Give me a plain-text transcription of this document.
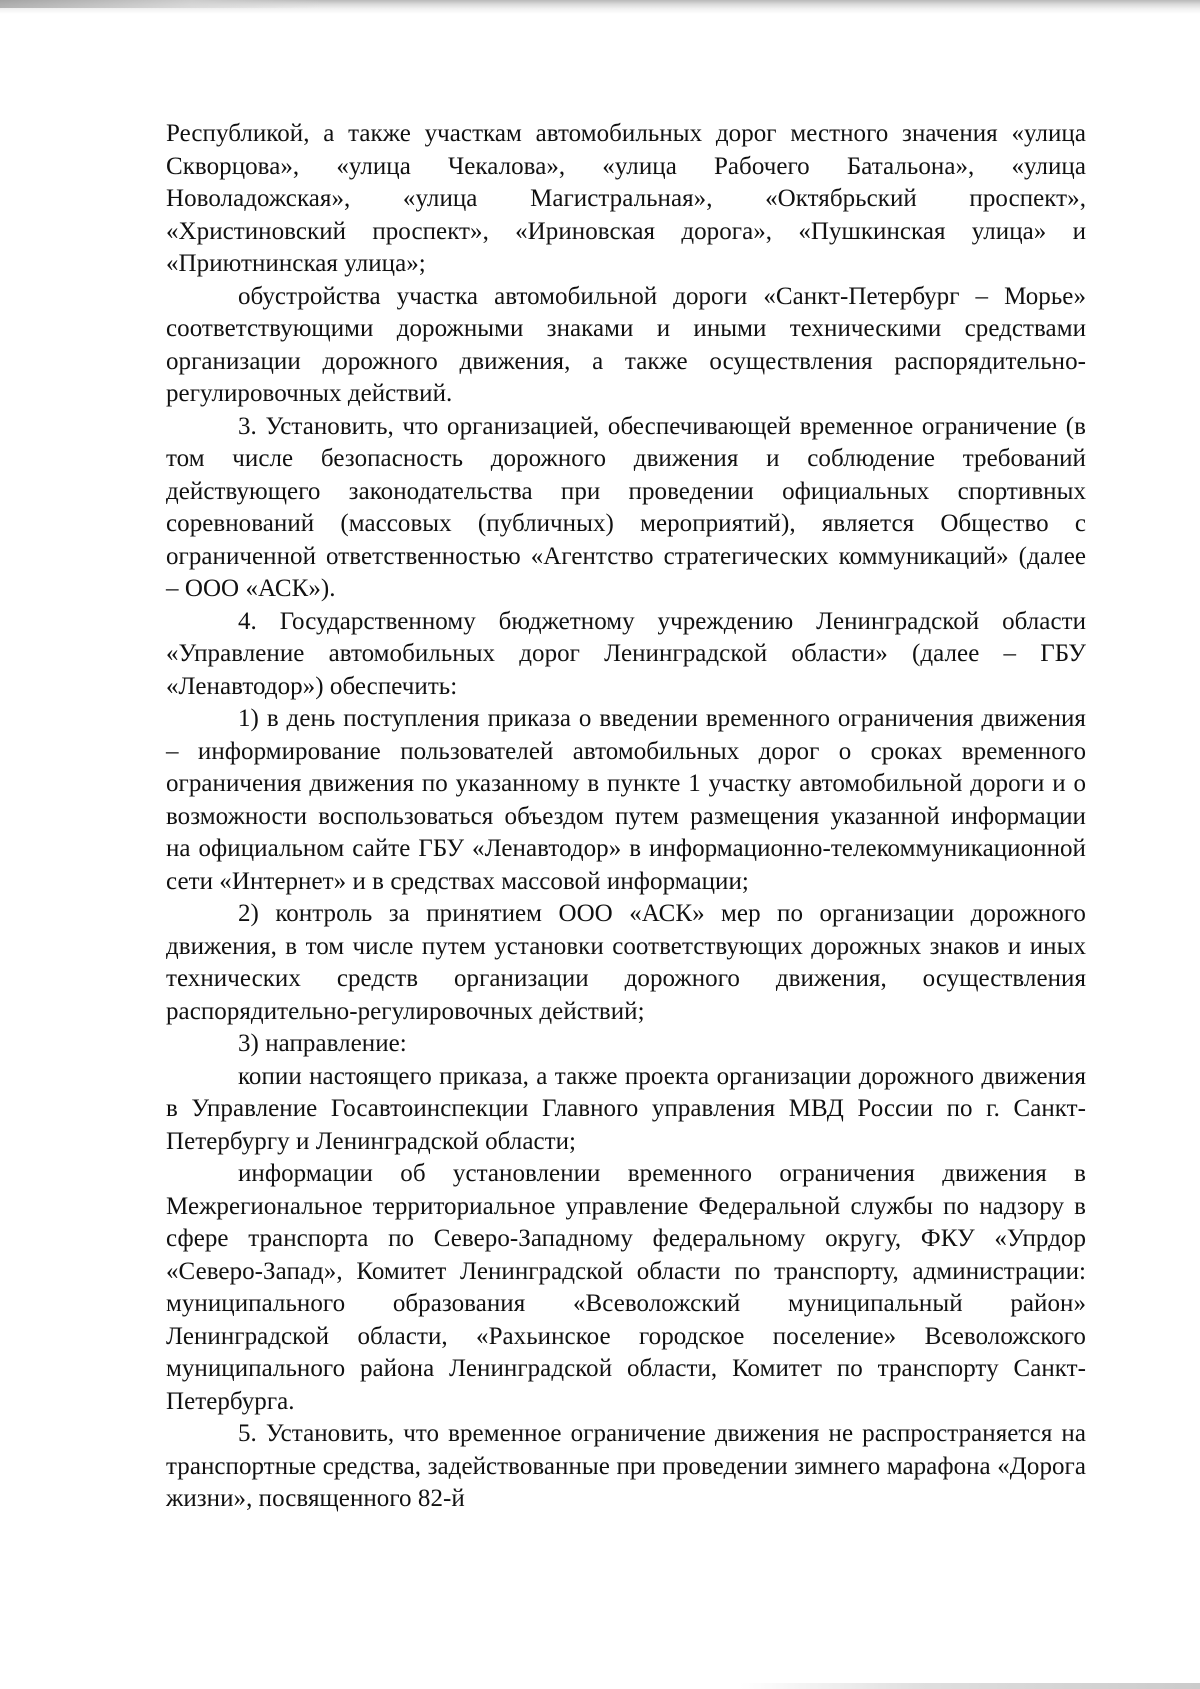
Республикой, а также участкам автомобильных дорог местного значения «улица Скворцова», «улица Чекалова», «улица Рабочего Батальона», «улица Новоладожская», «улица Магистральная», «Октябрьский проспект», «Христиновский проспект», «Ириновская дорога», «Пушкинская улица» и «Приютнинская улица»;

обустройства участка автомобильной дороги «Санкт-Петербург – Морье» соответствующими дорожными знаками и иными техническими средствами организации дорожного движения, а также осуществления распорядительно-регулировочных действий.

3. Установить, что организацией, обеспечивающей временное ограничение (в том числе безопасность дорожного движения и соблюдение требований действующего законодательства при проведении официальных спортивных соревнований (массовых (публичных) мероприятий), является Общество с ограниченной ответственностью «Агентство стратегических коммуникаций» (далее – ООО «АСК»).

4. Государственному бюджетному учреждению Ленинградской области «Управление автомобильных дорог Ленинградской области» (далее – ГБУ «Ленавтодор») обеспечить:

1) в день поступления приказа о введении временного ограничения движения – информирование пользователей автомобильных дорог о сроках временного ограничения движения по указанному в пункте 1 участку автомобильной дороги и о возможности воспользоваться объездом путем размещения указанной информации на официальном сайте ГБУ «Ленавтодор» в информационно-телекоммуникационной сети «Интернет» и в средствах массовой информации;

2) контроль за принятием ООО «АСК» мер по организации дорожного движения, в том числе путем установки соответствующих дорожных знаков и иных технических средств организации дорожного движения, осуществления распорядительно-регулировочных действий;

3) направление:

копии настоящего приказа, а также проекта организации дорожного движения в Управление Госавтоинспекции Главного управления МВД России по г. Санкт-Петербургу и Ленинградской области;

информации об установлении временного ограничения движения в Межрегиональное территориальное управление Федеральной службы по надзору в сфере транспорта по Северо-Западному федеральному округу, ФКУ «Упрдор «Северо-Запад», Комитет Ленинградской области по транспорту, администрации: муниципального образования «Всеволожский муниципальный район» Ленинградской области, «Рахьинское городское поселение» Всеволожского муниципального района Ленинградской области, Комитет по транспорту Санкт-Петербурга.

5. Установить, что временное ограничение движения не распространяется на транспортные средства, задействованные при проведении зимнего марафона «Дорога жизни», посвященного 82-й
